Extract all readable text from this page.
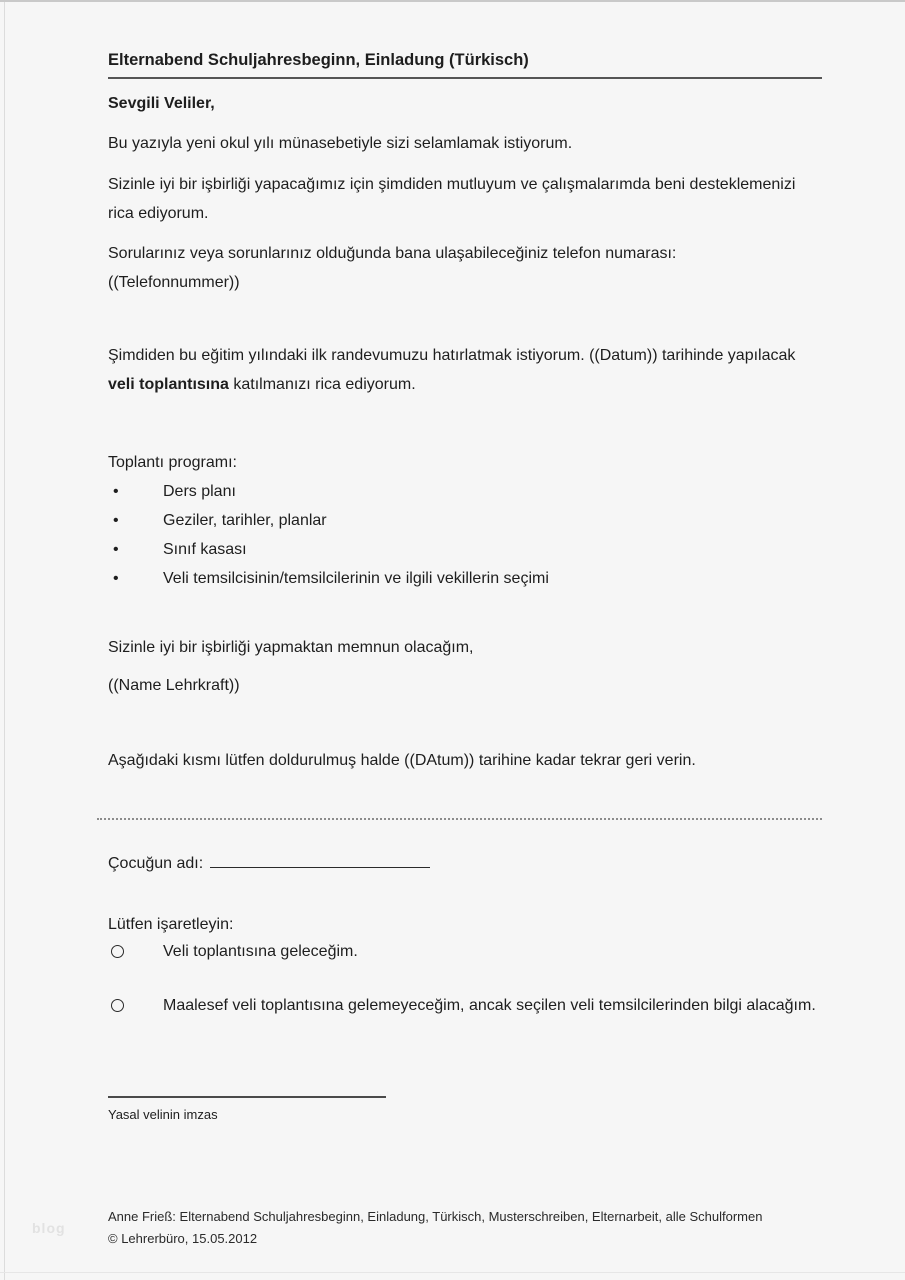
Elternabend Schuljahresbeginn, Einladung (Türkisch)
Sevgili Veliler,
Bu yazıyla yeni okul yılı münasebetiyle sizi selamlamak istiyorum.
Sizinle iyi bir işbirliği yapacağımız için şimdiden mutluyum ve çalışmalarımda beni desteklemenizi rica ediyorum.
Sorularınız veya sorunlarınız olduğunda bana ulaşabileceğiniz telefon numarası:
((Telefonnummer))
Şimdiden bu eğitim yılındaki ilk randevumuzu hatırlatmak istiyorum. ((Datum)) tarihinde yapılacak veli toplantısına katılmanızı rica ediyorum.
Toplantı programı:
•	Ders planı
•	Geziler, tarihler, planlar
•	Sınıf kasası
•	Veli temsilcisinin/temsilcilerinin ve ilgili vekillerin seçimi
Sizinle iyi bir işbirliği yapmaktan memnun olacağım,
((Name Lehrkraft))
Aşağıdaki kısmı lütfen doldurulmuş halde ((DAtum)) tarihine kadar tekrar geri verin.
Çocuğun adı:
Lütfen işaretleyin:
Veli toplantısına geleceğim.
Maalesef veli toplantısına gelemeyeceğim, ancak seçilen veli temsilcilerinden bilgi alacağım.
Yasal velinin imzas
blog
Anne Frieß: Elternabend Schuljahresbeginn, Einladung, Türkisch, Musterschreiben, Elternarbeit, alle Schulformen
© Lehrerbüro, 15.05.2012
